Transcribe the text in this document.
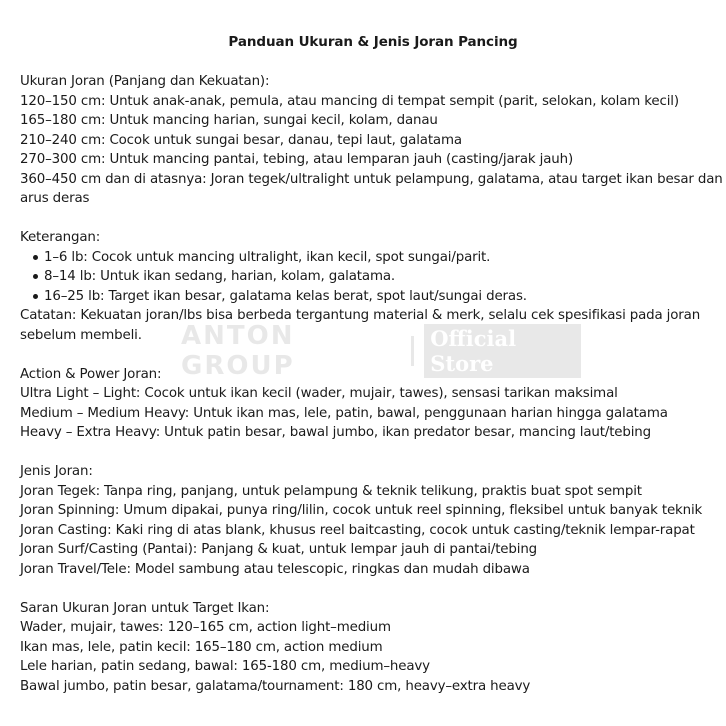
ANTON GROUP
Official Store
Panduan Ukuran & Jenis Joran Pancing
Ukuran Joran (Panjang dan Kekuatan):
120–150 cm: Untuk anak-anak, pemula, atau mancing di tempat sempit (parit, selokan, kolam kecil)
165–180 cm: Untuk mancing harian, sungai kecil, kolam, danau
210–240 cm: Cocok untuk sungai besar, danau, tepi laut, galatama
270–300 cm: Untuk mancing pantai, tebing, atau lemparan jauh (casting/jarak jauh)
360–450 cm dan di atasnya: Joran tegek/ultralight untuk pelampung, galatama, atau target ikan besar dan arus deras
Keterangan:
1–6 lb: Cocok untuk mancing ultralight, ikan kecil, spot sungai/parit.
8–14 lb: Untuk ikan sedang, harian, kolam, galatama.
16–25 lb: Target ikan besar, galatama kelas berat, spot laut/sungai deras.
Catatan: Kekuatan joran/lbs bisa berbeda tergantung material & merk, selalu cek spesifikasi pada joran sebelum membeli.
Action & Power Joran:
Ultra Light – Light: Cocok untuk ikan kecil (wader, mujair, tawes), sensasi tarikan maksimal
Medium – Medium Heavy: Untuk ikan mas, lele, patin, bawal, penggunaan harian hingga galatama
Heavy – Extra Heavy: Untuk patin besar, bawal jumbo, ikan predator besar, mancing laut/tebing
Jenis Joran:
Joran Tegek: Tanpa ring, panjang, untuk pelampung & teknik telikung, praktis buat spot sempit
Joran Spinning: Umum dipakai, punya ring/lilin, cocok untuk reel spinning, fleksibel untuk banyak teknik
Joran Casting: Kaki ring di atas blank, khusus reel baitcasting, cocok untuk casting/teknik lempar-rapat
Joran Surf/Casting (Pantai): Panjang & kuat, untuk lempar jauh di pantai/tebing
Joran Travel/Tele: Model sambung atau telescopic, ringkas dan mudah dibawa
Saran Ukuran Joran untuk Target Ikan:
Wader, mujair, tawes: 120–165 cm, action light–medium
Ikan mas, lele, patin kecil: 165–180 cm, action medium
Lele harian, patin sedang, bawal: 165-180 cm, medium–heavy
Bawal jumbo, patin besar, galatama/tournament: 180 cm, heavy–extra heavy
